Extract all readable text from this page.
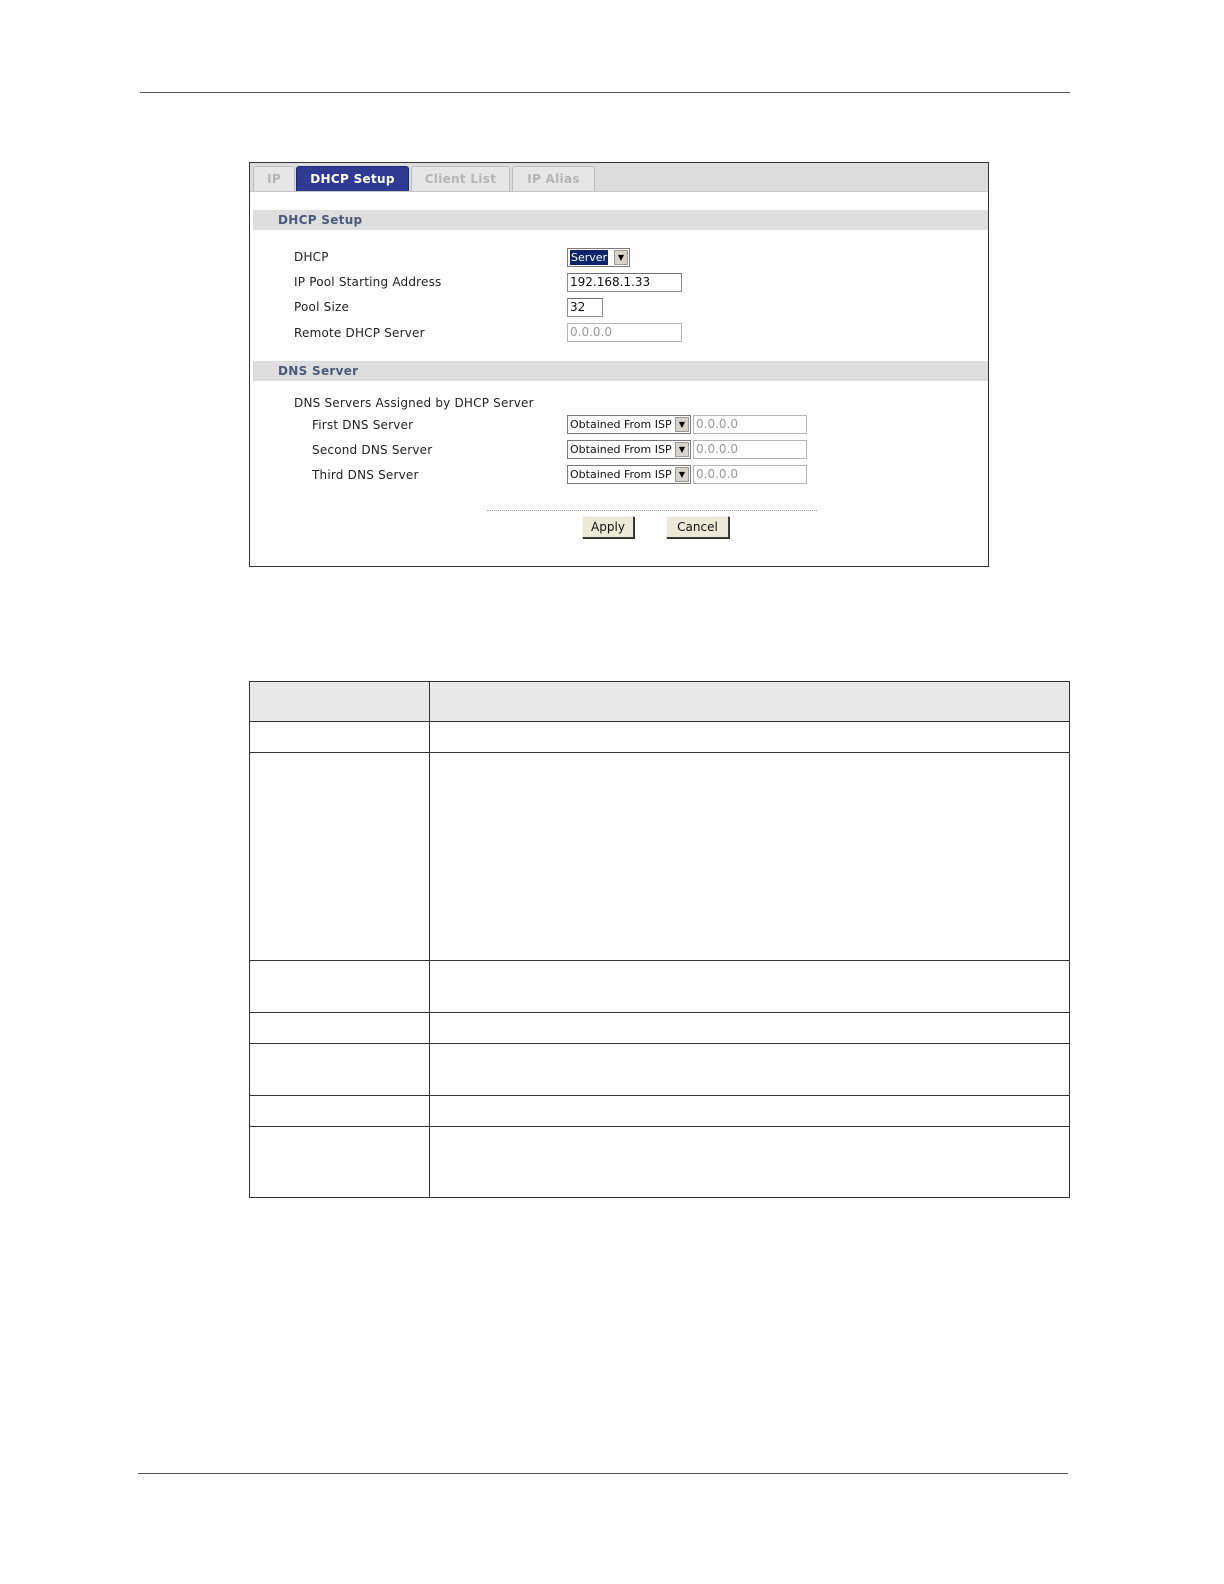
IP	DHCP Setup	Client List	IP Alias
DHCP Setup
DHCP	Server	▼
IP Pool Starting Address	192.168.1.33
Pool Size	32
Remote DHCP Server	0.0.0.0
DNS Server
DNS Servers Assigned by DHCP Server
First DNS Server	Obtained From ISP ▼ 0.0.0.0
Second DNS Server	Obtained From ISP ▼ 0.0.0.0
Third DNS Server	Obtained From ISP ▼ 0.0.0.0
Apply	Cancel
